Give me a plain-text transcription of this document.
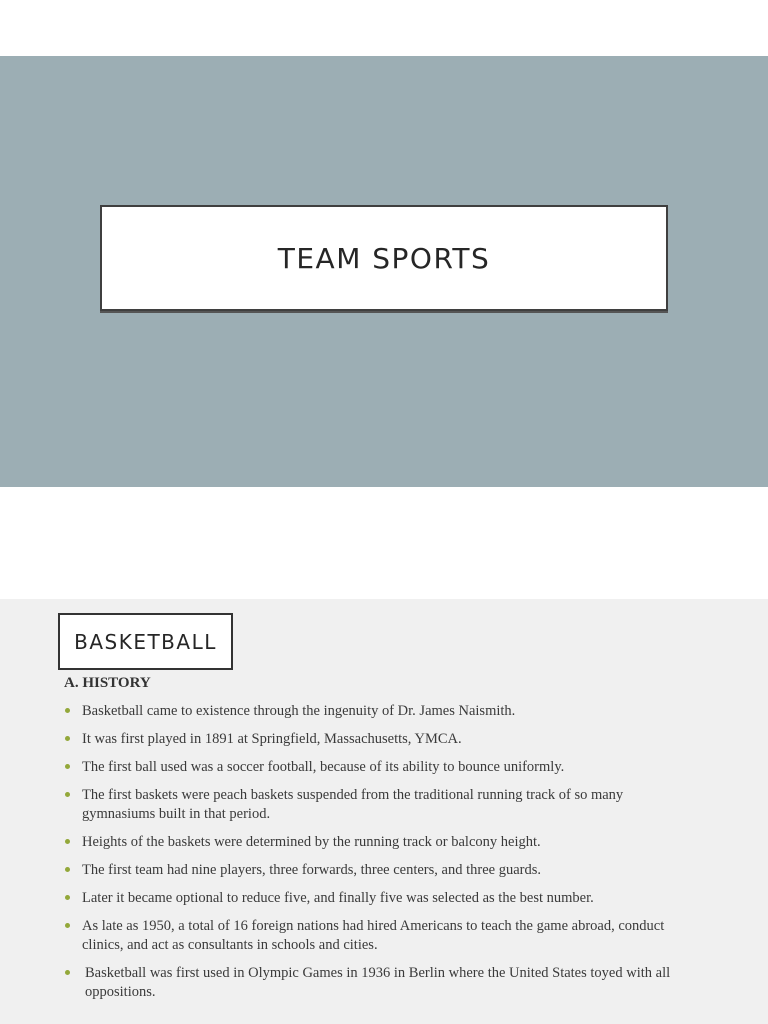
TEAM SPORTS
BASKETBALL
A. HISTORY
Basketball came to existence through the ingenuity of Dr. James Naismith.
It was first played in 1891 at Springfield, Massachusetts, YMCA.
The first ball used was a soccer football, because of its ability to bounce uniformly.
The first baskets were peach baskets suspended from the traditional running track of so many gymnasiums built in that period.
Heights of the baskets were determined by the running track or balcony height.
The first team had nine players, three forwards, three centers, and three guards.
Later it became optional to reduce five, and finally five was selected as the best number.
As late as 1950, a total of 16 foreign nations had hired Americans to teach the game abroad, conduct clinics, and act as consultants in schools and cities.
Basketball was first used in Olympic Games in 1936 in Berlin where the United States toyed with all oppositions.
